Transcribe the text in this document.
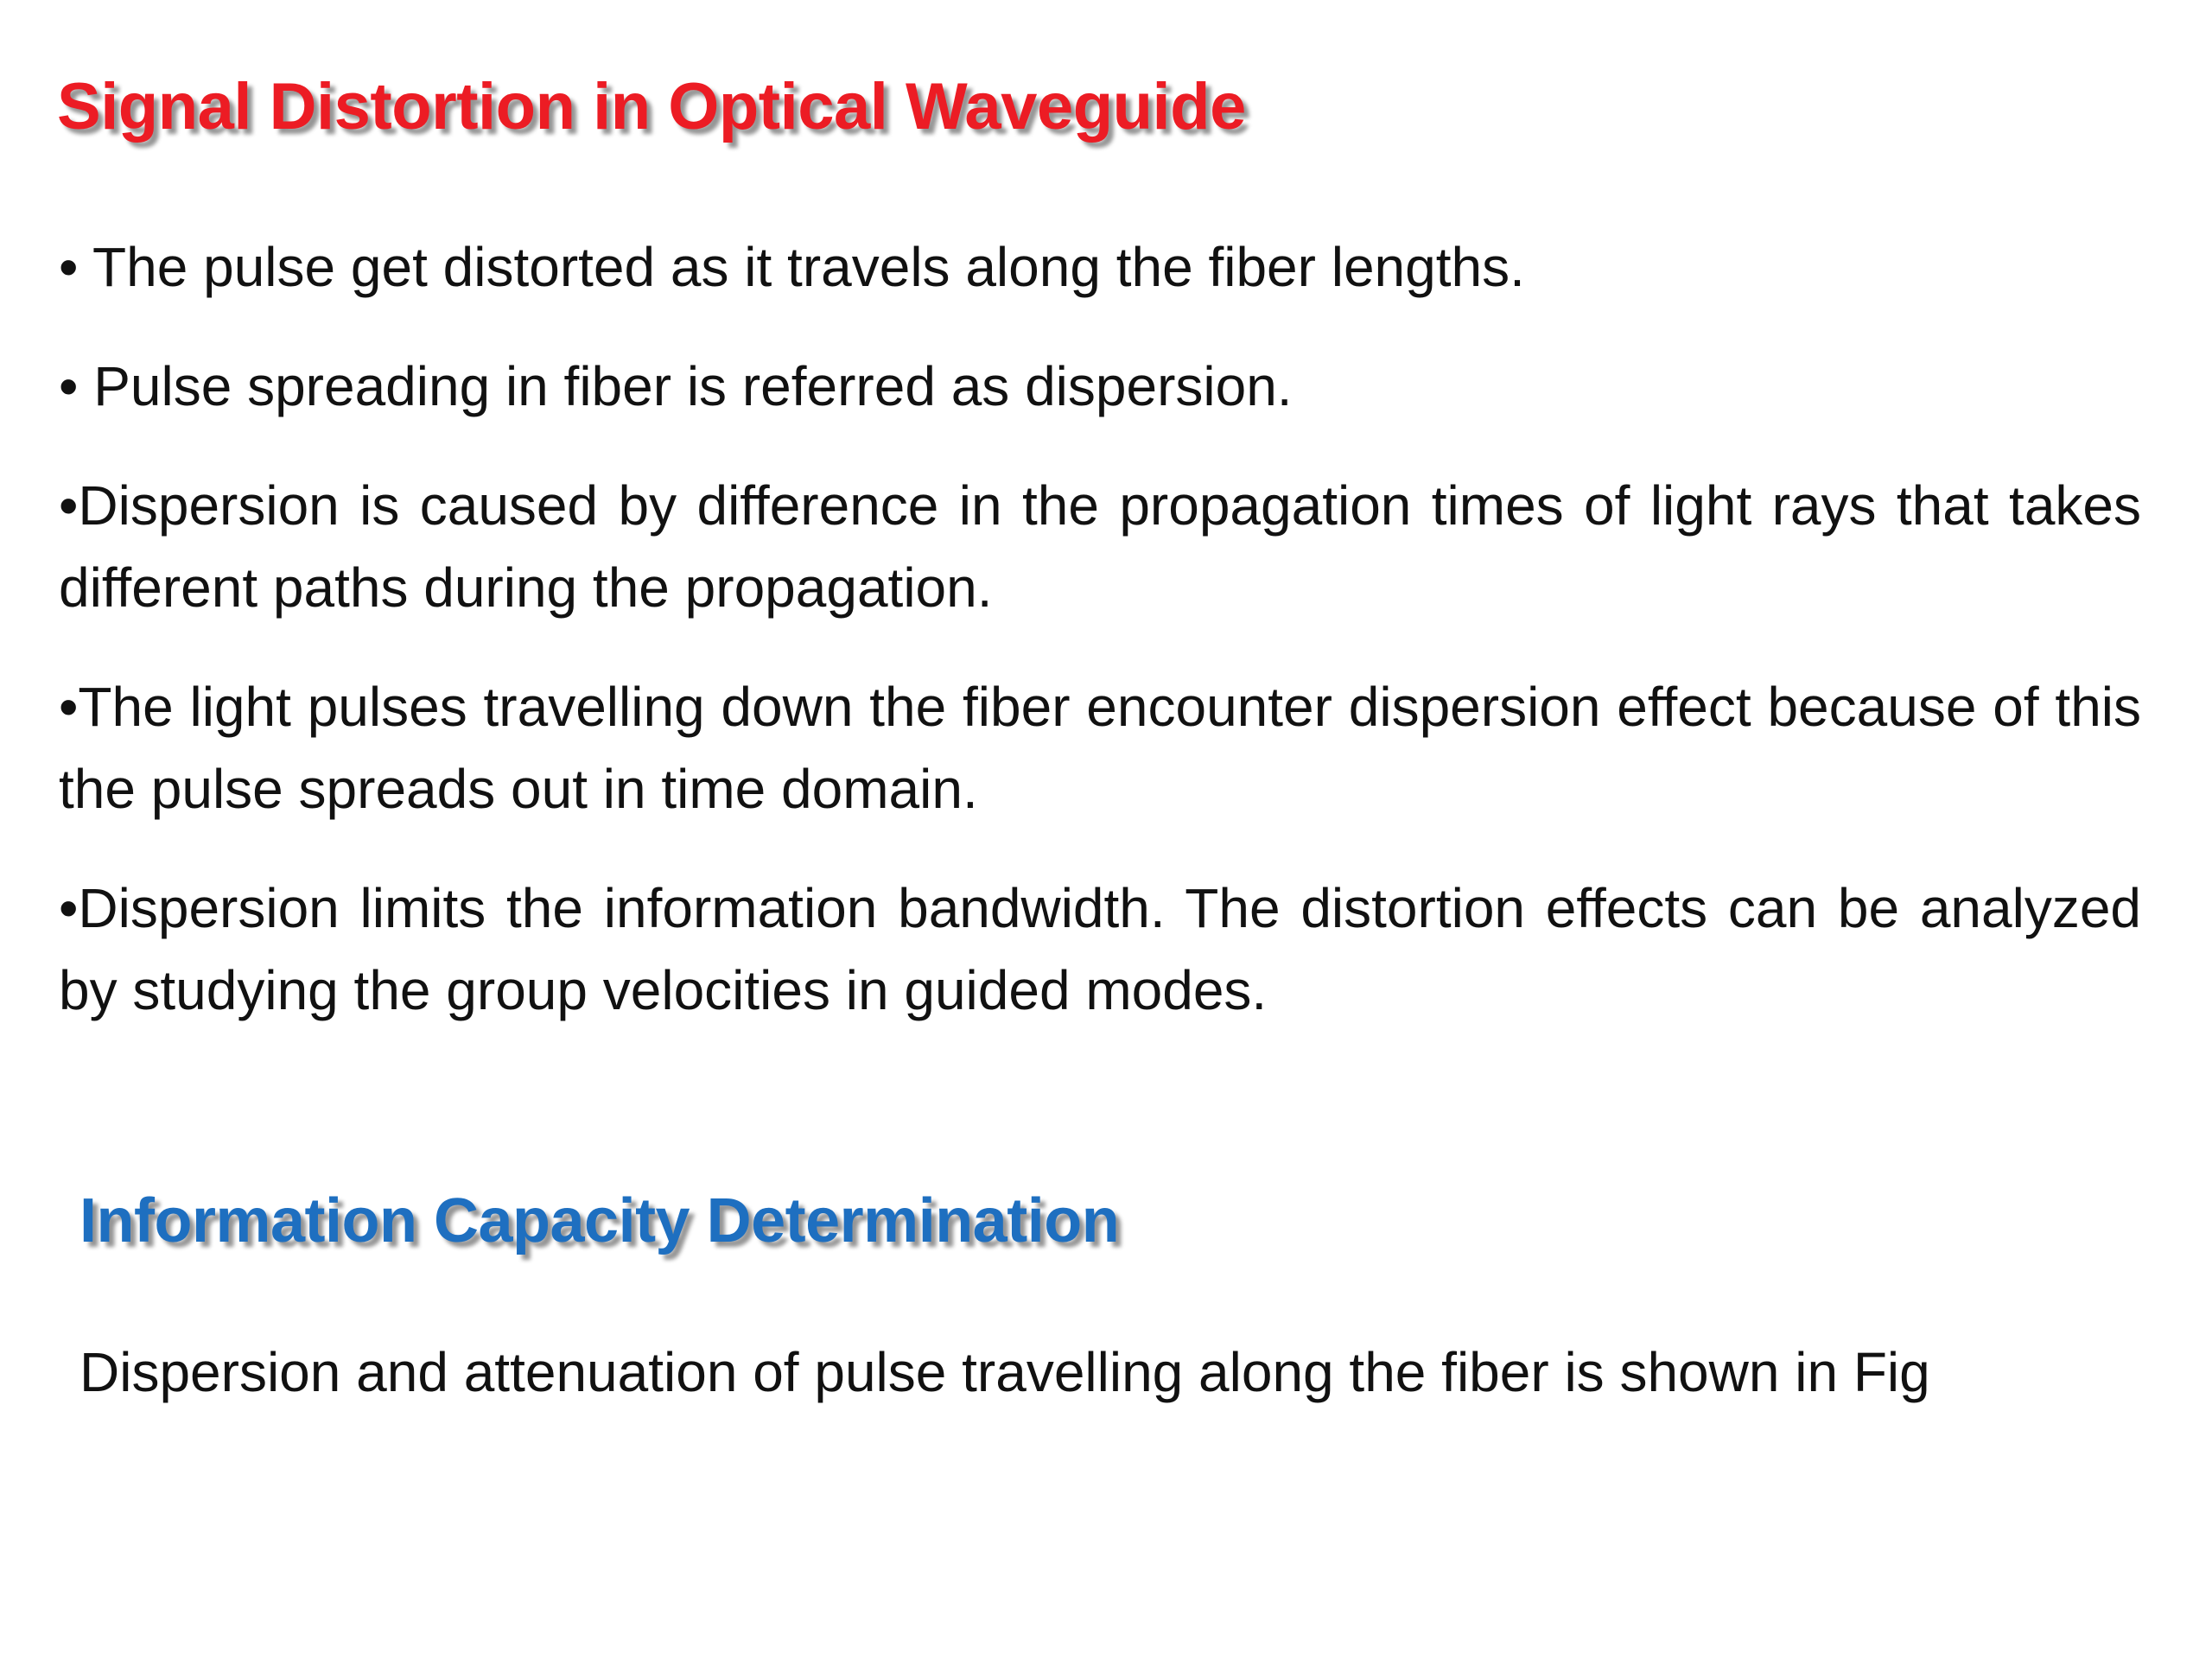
Signal Distortion in Optical Waveguide
• The pulse get distorted as it travels along the fiber lengths.
• Pulse spreading in fiber is referred as dispersion.
•Dispersion is caused by difference in the propagation times of light rays that takes different paths during the propagation.
•The light pulses travelling down the fiber encounter dispersion effect because of this the pulse spreads out in time domain.
•Dispersion limits the information bandwidth. The distortion effects can be analyzed by studying the group velocities in guided modes.
Information Capacity Determination

Dispersion and attenuation of pulse travelling along the fiber is shown in Fig
